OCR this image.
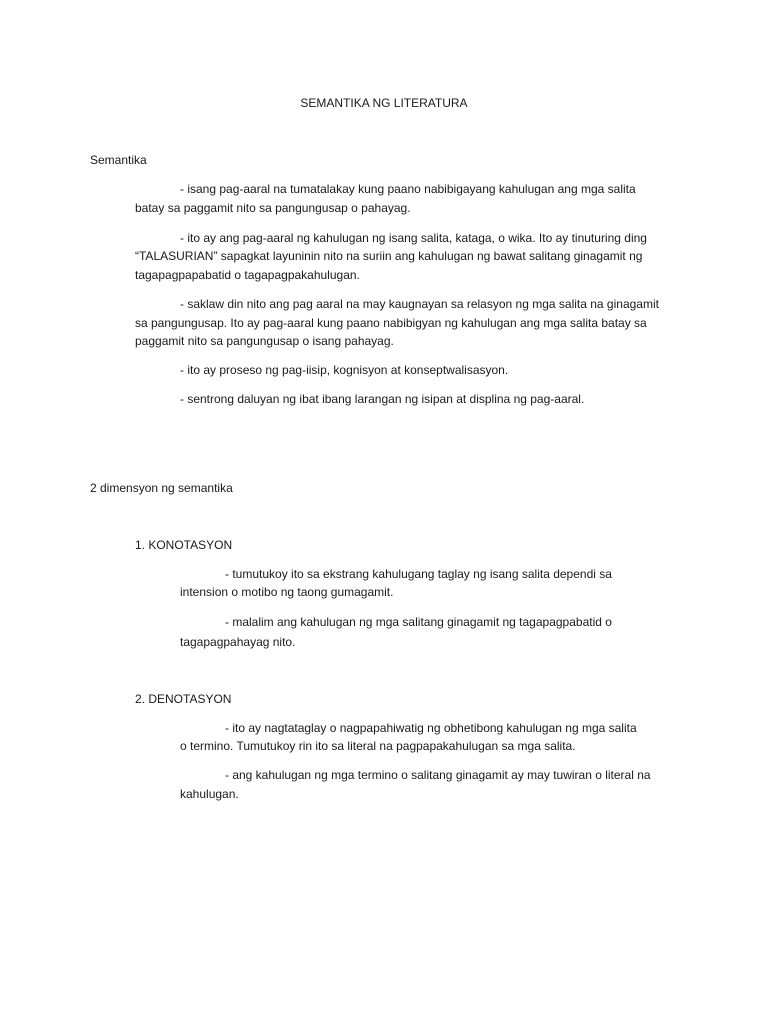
SEMANTIKA NG LITERATURA
Semantika
- isang pag-aaral na tumatalakay kung paano nabibigayang kahulugan ang mga salita
batay sa paggamit nito sa pangungusap o pahayag.
- ito ay ang pag-aaral ng kahulugan ng isang salita, kataga, o wika. Ito ay tinuturing ding
“TALASURIAN” sapagkat layuninin nito na suriin ang kahulugan ng bawat salitang ginagamit ng
tagapagpapabatid o tagapagpakahulugan.
- saklaw din nito ang pag aaral na may kaugnayan sa relasyon ng mga salita na ginagamit
sa pangungusap. Ito ay pag-aaral kung paano nabibigyan ng kahulugan ang mga salita batay sa
paggamit nito sa pangungusap o isang pahayag.
- ito ay proseso ng pag-iisip, kognisyon at konseptwalisasyon.
- sentrong daluyan ng ibat ibang larangan ng isipan at displina ng pag-aaral.
2 dimensyon ng semantika
1. KONOTASYON
- tumutukoy ito sa ekstrang kahulugang taglay ng isang salita dependi sa
intension o motibo ng taong gumagamit.
- malalim ang kahulugan ng mga salitang ginagamit ng tagapagpabatid o
tagapagpahayag nito.
2. DENOTASYON
- ito ay nagtataglay o nagpapahiwatig ng obhetibong kahulugan ng mga salita
o termino. Tumutukoy rin ito sa literal na pagpapakahulugan sa mga salita.
- ang kahulugan ng mga termino o salitang ginagamit ay may tuwiran o literal na
kahulugan.
